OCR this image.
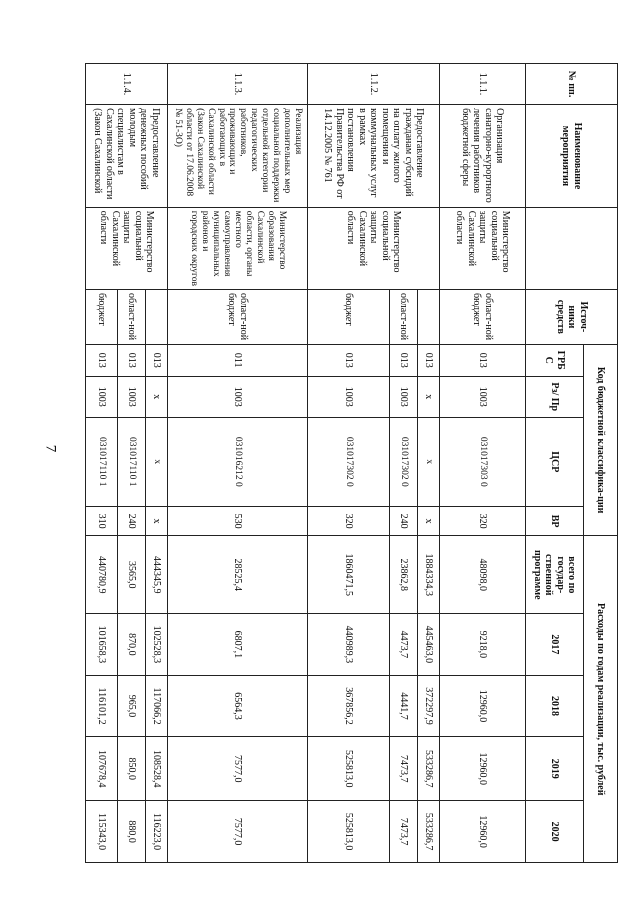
7
№ пп.	Наименование мероприятия		Источ-ники средств	Код бюджетной классифика-ции				Расходы по годам реализации, тыс. рублей				
				ГРБ С	Рз/ Пр	ЦСР	ВР	всего по государ-ственной программе	2017	2018	2019	2020
1.1.1.	Организация санаторно-курортного лечения работников бюджетной сферы	Министерство социальной защиты Сахалинской области	област-ной бюджет	013	1003	031017303 0	320	48098,0	9218,0	12960,0	12960,0	12960,0
1.1.2.	Предоставление гражданам субсидий на оплату жилого помещения и коммунальных услуг в рамках постановления Правительства РФ от 14.12.2005 № 761	Министерство социальной защиты Сахалинской области		013	х	х	х	1884334,3	445463,0	372297,9	533286,7	533286,7
			област-ной	013	1003	031017302 0	240	23862,8	4473,7	4441,7	7473,7	7473,7
			бюджет	013	1003	031017302 0	320	1860471,5	440989,3	367856,2	525813,0	525813,0
1.1.3.	Реализация дополнительных мер социальной поддержки отдельной категории педагогических работников, проживающих и работающих в Сахалинской области (Закон Сахалинской области от 17.06.2008 № 51-ЗО)	Министерство образования Сахалинской области, органы местного самоуправления муниципальных районов и городских округов	област-ной бюджет	011	1003	031016212 0	530	28525,4	6807,1	6564,3	7577,0	7577,0
1.1.4.	Предоставление денежных пособий молодым специалистам в Сахалинской области (Закон Сахалинской	Министерство социальной защиты Сахалинской области		013	х	х	х	444345,9	102528,3	117066,2	108528,4	116223,0
			област-ной	013	1003	031017110 1	240	3565,0	870,0	965,0	850,0	880,0
			бюджет	013	1003	031017110 1	310	440780,9	101658,3	116101,2	107678,4	115343,0
